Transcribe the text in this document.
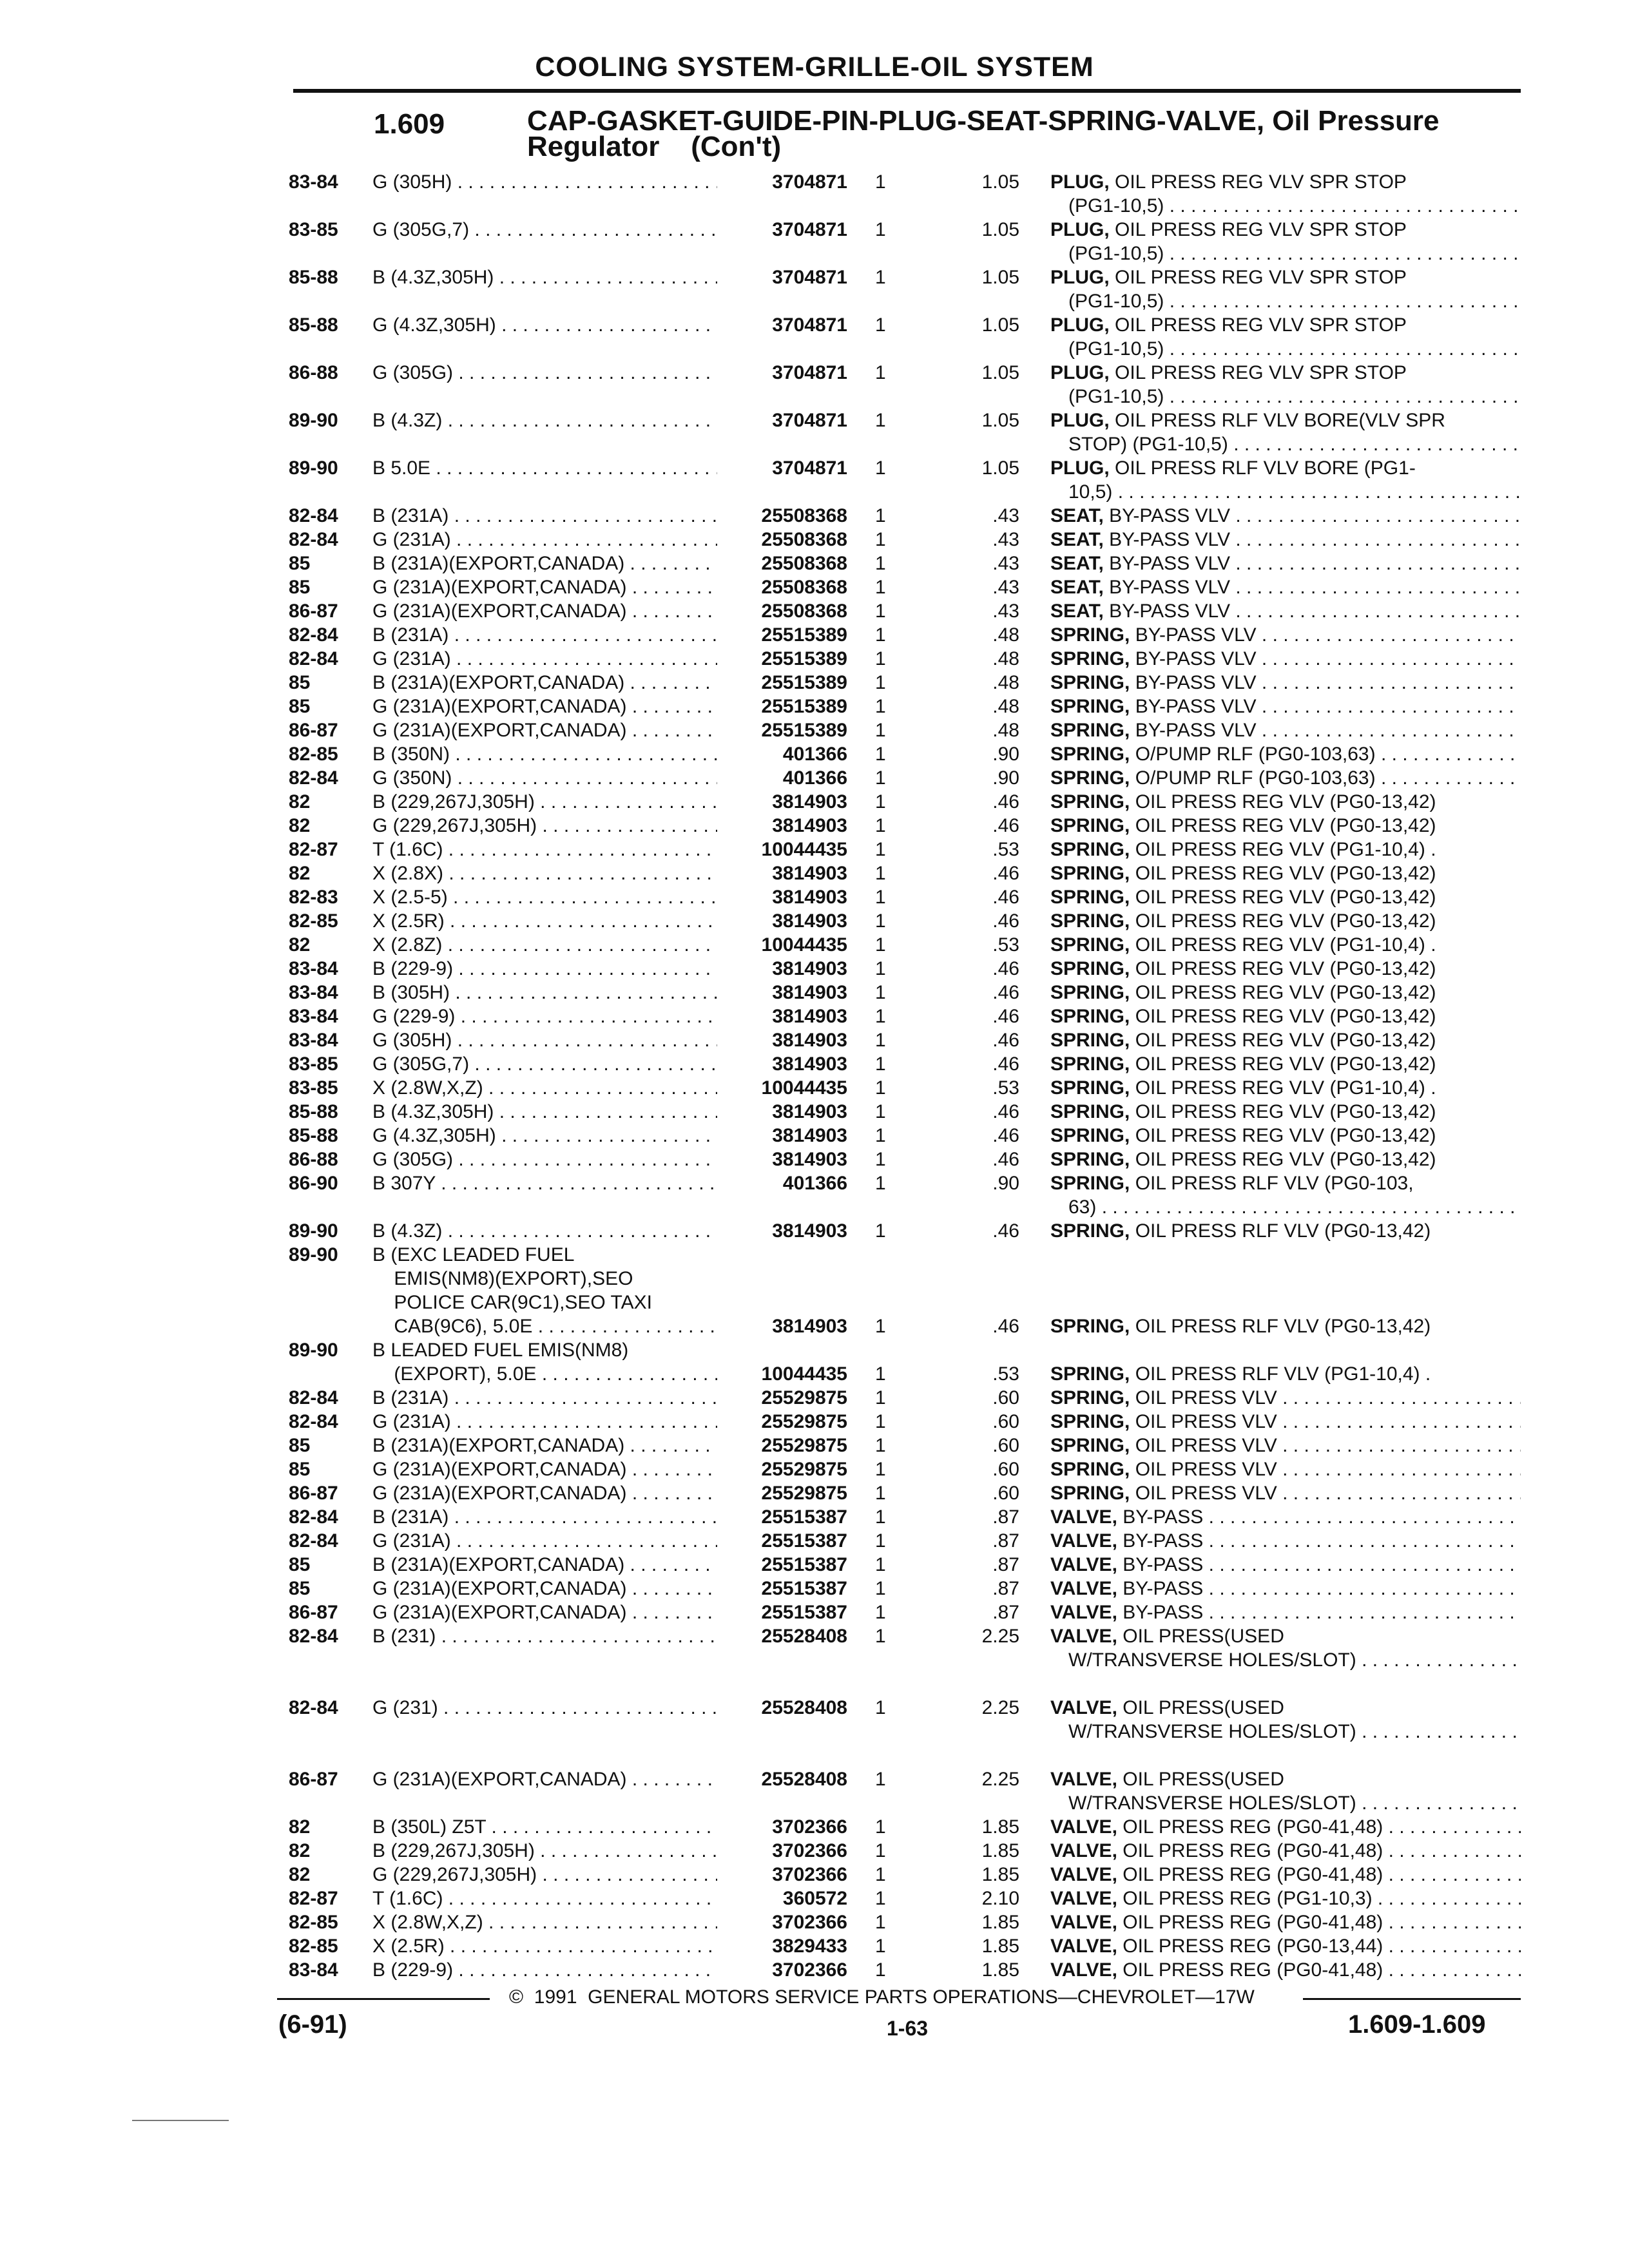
COOLING SYSTEM-GRILLE-OIL SYSTEM
1.609	CAP-GASKET-GUIDE-PIN-PLUG-SEAT-SPRING-VALVE, Oil Pressure
Regulator    (Con't)
83-84 G (305H) . . .	3704871 1	1.05 PLUG, OIL PRESS REG VLV SPR STOP
(PG1-10,5) . . .
83-85 G (305G,7) . . .	3704871 1	1.05 PLUG, OIL PRESS REG VLV SPR STOP
(PG1-10,5) . . .
85-88 B (4.3Z,305H) . . .	3704871 1	1.05 PLUG, OIL PRESS REG VLV SPR STOP
(PG1-10,5) . . .
85-88 G (4.3Z,305H) . . .	3704871 1	1.05 PLUG, OIL PRESS REG VLV SPR STOP
(PG1-10,5) . . .
86-88 G (305G) . . .	3704871 1	1.05 PLUG, OIL PRESS REG VLV SPR STOP
(PG1-10,5) . . .
89-90 B (4.3Z) . . .	3704871 1	1.05 PLUG, OIL PRESS RLF VLV BORE(VLV SPR
STOP) (PG1-10,5) . . .
89-90 B 5.0E . . .	3704871 1	1.05 PLUG, OIL PRESS RLF VLV BORE (PG1-
10,5) . . .
82-84 B (231A) . . .	25508368 1	.43 SEAT, BY-PASS VLV . . .
82-84 G (231A) . . .	25508368 1	.43 SEAT, BY-PASS VLV . . .
85	B (231A)(EXPORT,CANADA) . . .	25508368 1	.43 SEAT, BY-PASS VLV . . .
85	G (231A)(EXPORT,CANADA) . . .	25508368 1	.43 SEAT, BY-PASS VLV . . .
86-87 G (231A)(EXPORT,CANADA) . . .	25508368 1	.43 SEAT, BY-PASS VLV . . .
82-84 B (231A) . . .	25515389 1	.48 SPRING, BY-PASS VLV . . .
82-84 G (231A) . . .	25515389 1	.48 SPRING, BY-PASS VLV . . .
85	B (231A)(EXPORT,CANADA) . . .	25515389 1	.48 SPRING, BY-PASS VLV . . .
85	G (231A)(EXPORT,CANADA) . . .	25515389 1	.48 SPRING, BY-PASS VLV . . .
86-87 G (231A)(EXPORT,CANADA) . . .	25515389 1	.48 SPRING, BY-PASS VLV . . .
82-85 B (350N) . . .	401366 1	.90 SPRING, O/PUMP RLF (PG0-103,63) . . .
82-84 G (350N) . . .	401366 1	.90 SPRING, O/PUMP RLF (PG0-103,63) . . .
82	B (229,267J,305H) . . .	3814903 1	.46 SPRING, OIL PRESS REG VLV (PG0-13,42)
82	G (229,267J,305H) . . .	3814903 1	.46 SPRING, OIL PRESS REG VLV (PG0-13,42)
82-87 T (1.6C) . . .	10044435 1	.53 SPRING, OIL PRESS REG VLV (PG1-10,4) .
82	X (2.8X) . . .	3814903 1	.46 SPRING, OIL PRESS REG VLV (PG0-13,42)
82-83 X (2.5-5) . . .	3814903 1	.46 SPRING, OIL PRESS REG VLV (PG0-13,42)
82-85 X (2.5R) . . .	3814903 1	.46 SPRING, OIL PRESS REG VLV (PG0-13,42)
82	X (2.8Z) . . .	10044435 1	.53 SPRING, OIL PRESS REG VLV (PG1-10,4) .
83-84 B (229-9) . . .	3814903 1	.46 SPRING, OIL PRESS REG VLV (PG0-13,42)
83-84 B (305H) . . .	3814903 1	.46 SPRING, OIL PRESS REG VLV (PG0-13,42)
83-84 G (229-9) . . .	3814903 1	.46 SPRING, OIL PRESS REG VLV (PG0-13,42)
83-84 G (305H) . . .	3814903 1	.46 SPRING, OIL PRESS REG VLV (PG0-13,42)
83-85 G (305G,7) . . .	3814903 1	.46 SPRING, OIL PRESS REG VLV (PG0-13,42)
83-85 X (2.8W,X,Z) . . .	10044435 1	.53 SPRING, OIL PRESS REG VLV (PG1-10,4) .
85-88 B (4.3Z,305H) . . .	3814903 1	.46 SPRING, OIL PRESS REG VLV (PG0-13,42)
85-88 G (4.3Z,305H) . . .	3814903 1	.46 SPRING, OIL PRESS REG VLV (PG0-13,42)
86-88 G (305G) . . .	3814903 1	.46 SPRING, OIL PRESS REG VLV (PG0-13,42)
86-90 B 307Y . . .	401366 1	.90 SPRING, OIL PRESS RLF VLV (PG0-103,
63) . . .
89-90 B (4.3Z) . . .	3814903 1	.46 SPRING, OIL PRESS RLF VLV (PG0-13,42)
89-90 B (EXC LEADED FUEL
EMIS(NM8)(EXPORT),SEO
POLICE CAR(9C1),SEO TAXI
CAB(9C6), 5.0E . . .	3814903 1	.46 SPRING, OIL PRESS RLF VLV (PG0-13,42)
89-90 B LEADED FUEL EMIS(NM8)
(EXPORT), 5.0E . . .	10044435 1	.53 SPRING, OIL PRESS RLF VLV (PG1-10,4) .
82-84 B (231A) . . .	25529875 1	.60 SPRING, OIL PRESS VLV . . .
82-84 G (231A) . . .	25529875 1	.60 SPRING, OIL PRESS VLV . . .
85	B (231A)(EXPORT,CANADA) . . .	25529875 1	.60 SPRING, OIL PRESS VLV . . .
85	G (231A)(EXPORT,CANADA) . . .	25529875 1	.60 SPRING, OIL PRESS VLV . . .
86-87 G (231A)(EXPORT,CANADA) . . .	25529875 1	.60 SPRING, OIL PRESS VLV . . .
82-84 B (231A) . . .	25515387 1	.87 VALVE, BY-PASS . . .
82-84 G (231A) . . .	25515387 1	.87 VALVE, BY-PASS . . .
85	B (231A)(EXPORT,CANADA) . . .	25515387 1	.87 VALVE, BY-PASS . . .
85	G (231A)(EXPORT,CANADA) . . .	25515387 1	.87 VALVE, BY-PASS . . .
86-87 G (231A)(EXPORT,CANADA) . . .	25515387 1	.87 VALVE, BY-PASS . . .
82-84 B (231) . . .	25528408 1	2.25 VALVE, OIL PRESS(USED
W/TRANSVERSE HOLES/SLOT) . . .
82-84 G (231) . . .	25528408 1	2.25 VALVE, OIL PRESS(USED
W/TRANSVERSE HOLES/SLOT) . . .
86-87 G (231A)(EXPORT,CANADA) . . .	25528408 1	2.25 VALVE, OIL PRESS(USED
W/TRANSVERSE HOLES/SLOT) . . .
82	B (350L) Z5T . . .	3702366 1	1.85 VALVE, OIL PRESS REG (PG0-41,48) . . .
82	B (229,267J,305H) . . .	3702366 1	1.85 VALVE, OIL PRESS REG (PG0-41,48) . . .
82	G (229,267J,305H) . . .	3702366 1	1.85 VALVE, OIL PRESS REG (PG0-41,48) . . .
82-87 T (1.6C) . . .	360572 1	2.10 VALVE, OIL PRESS REG (PG1-10,3) . . .
82-85 X (2.8W,X,Z) . . .	3702366 1	1.85 VALVE, OIL PRESS REG (PG0-41,48) . . .
82-85 X (2.5R) . . .	3829433 1	1.85 VALVE, OIL PRESS REG (PG0-13,44) . . .
83-84 B (229-9) . . .	3702366 1	1.85 VALVE, OIL PRESS REG (PG0-41,48) . . .
©  1991  GENERAL MOTORS SERVICE PARTS OPERATIONS—CHEVROLET—17W
(6-91)	1-63	1.609-1.609
